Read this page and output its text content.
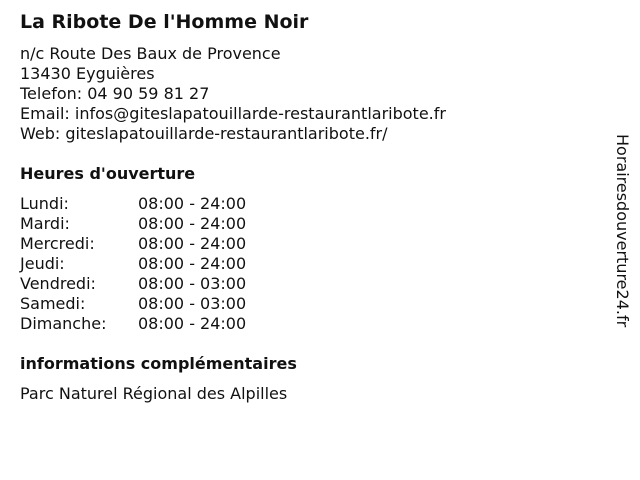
La Ribote De l'Homme Noir
n/c Route Des Baux de Provence
13430 Eyguières
Telefon: 04 90 59 81 27
Email: infos@giteslapatouillarde-restaurantlaribote.fr
Web: giteslapatouillarde-restaurantlaribote.fr/
Heures d'ouverture
Lundi:	08:00 - 24:00
Mardi:	08:00 - 24:00
Mercredi:	08:00 - 24:00
Jeudi:	08:00 - 24:00
Vendredi:	08:00 - 03:00
Samedi:	08:00 - 03:00
Dimanche:	08:00 - 24:00
informations complémentaires
Parc Naturel Régional des Alpilles
Horairesdouverture24.fr
